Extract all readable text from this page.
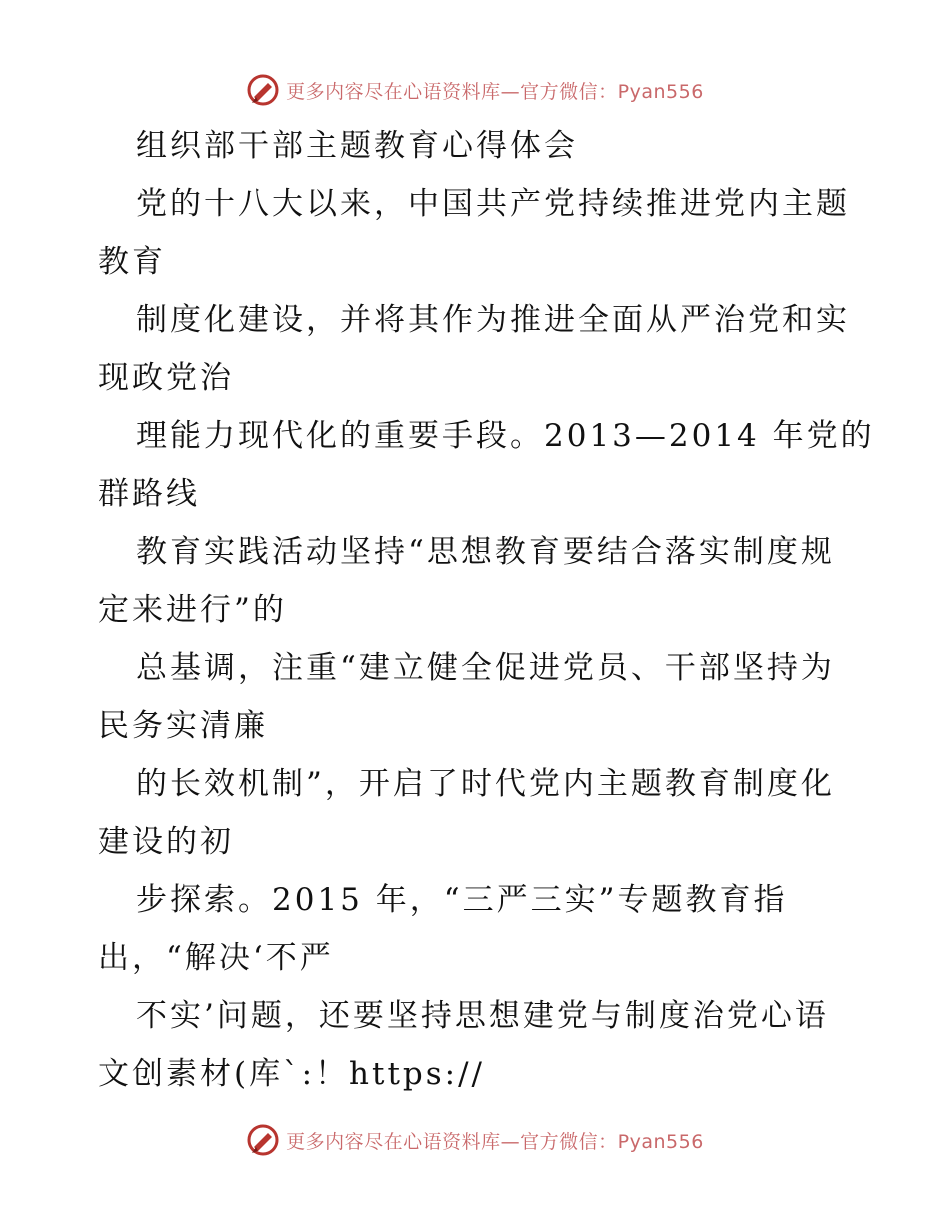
更多内容尽在心语资料库—官方微信：Pyan556
组织部干部主题教育心得体会
党的十八大以来，中国共产党持续推进党内主题
教育
制度化建设，并将其作为推进全面从严治党和实
现政党治
理能力现代化的重要手段。2013—2014 年党的
群路线
教育实践活动坚持“思想教育要结合落实制度规
定来进行”的
总基调，注重“建立健全促进党员、干部坚持为
民务实清廉
的长效机制”，开启了时代党内主题教育制度化
建设的初
步探索。2015 年，“三严三实”专题教育指
出，“解决‘不严
不实’问题，还要坚持思想建党与制度治党心语
文创素材(库`:！https://
更多内容尽在心语资料库—官方微信：Pyan556
